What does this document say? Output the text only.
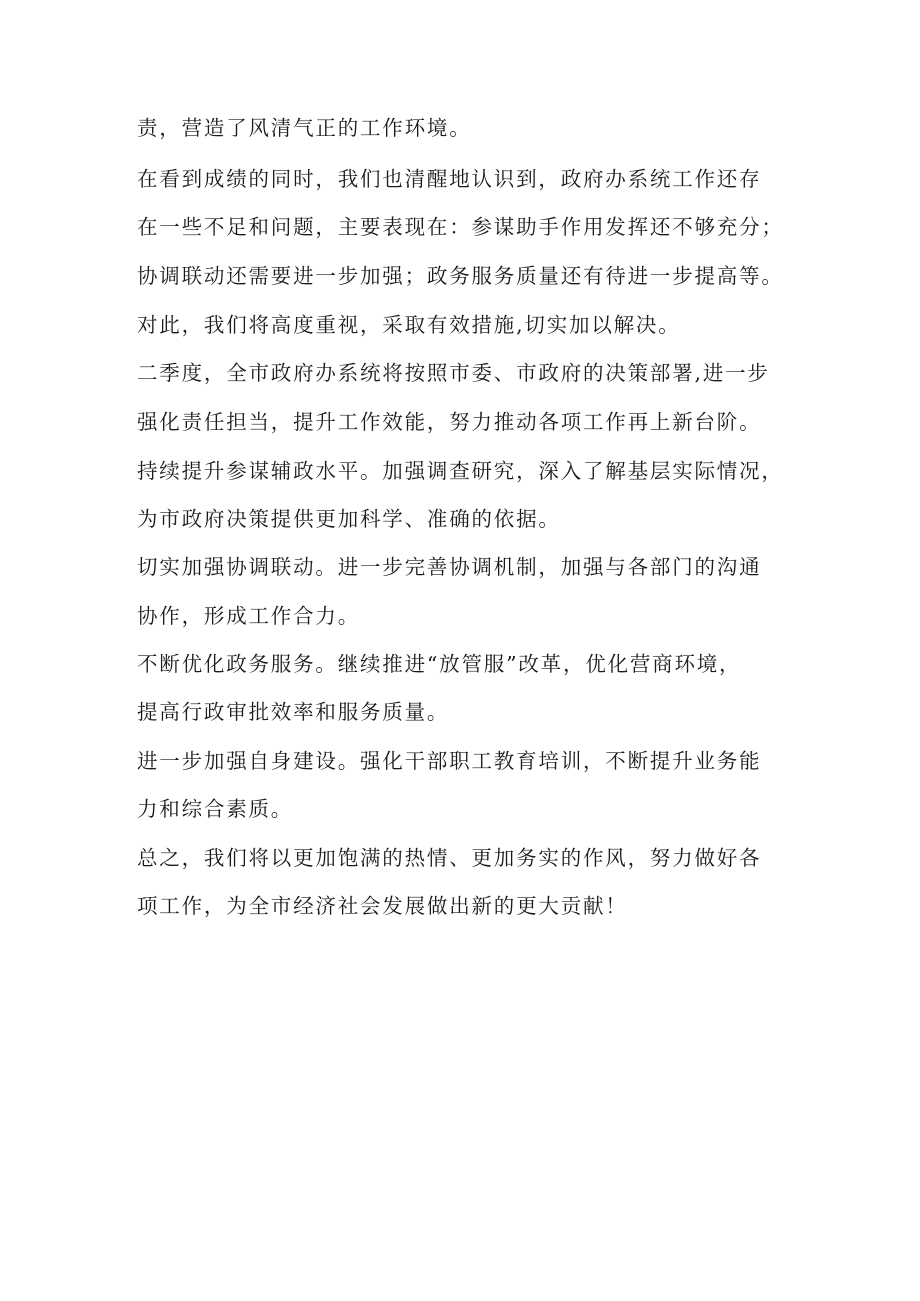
责，营造了风清气正的工作环境。

在看到成绩的同时，我们也清醒地认识到，政府办系统工作还存

在一些不足和问题，主要表现在：参谋助手作用发挥还不够充分；

协调联动还需要进一步加强；政务服务质量还有待进一步提高等。

对此，我们将高度重视，采取有效措施,切实加以解决。

二季度，全市政府办系统将按照市委、市政府的决策部署,进一步

强化责任担当，提升工作效能，努力推动各项工作再上新台阶。

持续提升参谋辅政水平。加强调查研究，深入了解基层实际情况，

为市政府决策提供更加科学、准确的依据。

切实加强协调联动。进一步完善协调机制，加强与各部门的沟通

协作，形成工作合力。

不断优化政务服务。继续推进“放管服”改革，优化营商环境，

提高行政审批效率和服务质量。

进一步加强自身建设。强化干部职工教育培训，不断提升业务能

力和综合素质。

总之，我们将以更加饱满的热情、更加务实的作风，努力做好各

项工作，为全市经济社会发展做出新的更大贡献！
